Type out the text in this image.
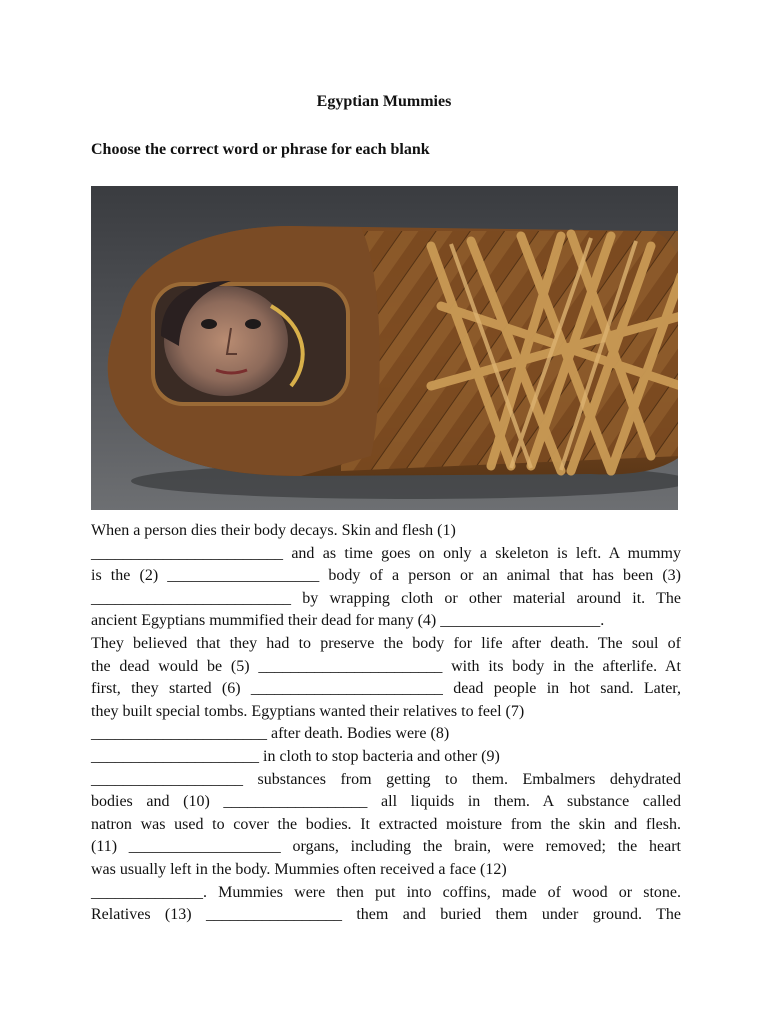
Egyptian Mummies
Choose the correct word or phrase for each blank
When a person dies their body decays. Skin and flesh (1)
________________________ and as time goes on only a skeleton is left. A mummy
is the (2) ___________________ body of a person or an animal that has been (3)
_________________________ by wrapping cloth or other material around it. The
ancient Egyptians mummified their dead for many (4) ____________________.
They believed that they had to preserve the body for life after death. The soul of
the dead would be (5) _______________________ with its body in the afterlife. At
first, they started (6) ________________________ dead people in hot sand. Later,
they built special tombs. Egyptians wanted their relatives to feel (7)
______________________ after death. Bodies were (8)
_____________________ in cloth to stop bacteria and other (9)
___________________ substances from getting to them. Embalmers dehydrated
bodies and (10) __________________ all liquids in them. A substance called
natron was used to cover the bodies. It extracted moisture from the skin and flesh.
(11) ___________________ organs, including the brain, were removed; the heart
was usually left in the body. Mummies often received a face (12)
______________. Mummies were then put into coffins, made of wood or stone.
Relatives (13) _________________ them and buried them under ground. The
